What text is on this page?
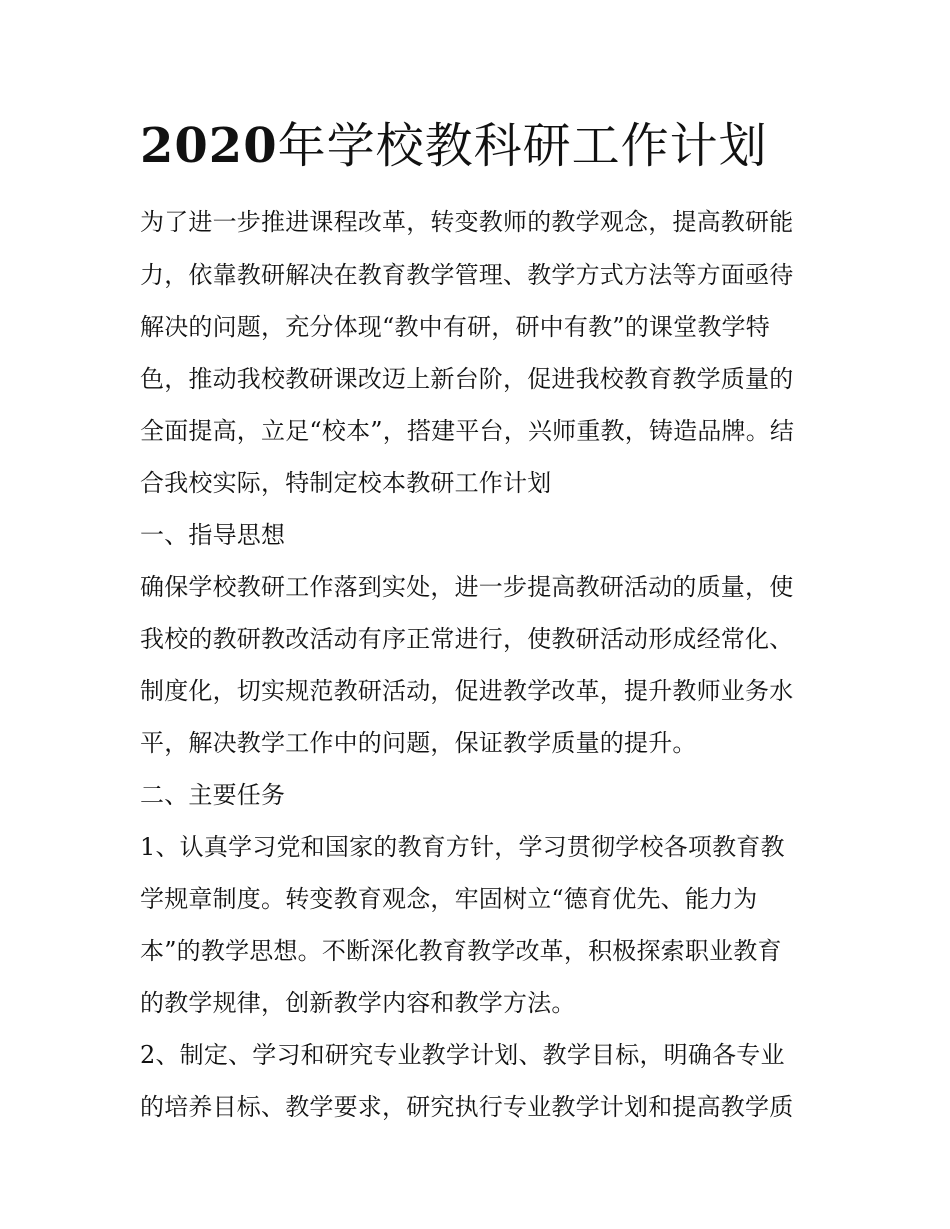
2020年学校教科研工作计划

为了进一步推进课程改革，转变教师的教学观念，提高教研能

力，依靠教研解决在教育教学管理、教学方式方法等方面亟待

解决的问题，充分体现“教中有研，研中有教”的课堂教学特

色，推动我校教研课改迈上新台阶，促进我校教育教学质量的

全面提高，立足“校本”，搭建平台，兴师重教，铸造品牌。结

合我校实际，特制定校本教研工作计划

一、指导思想

确保学校教研工作落到实处，进一步提高教研活动的质量，使

我校的教研教改活动有序正常进行，使教研活动形成经常化、

制度化，切实规范教研活动，促进教学改革，提升教师业务水

平，解决教学工作中的问题，保证教学质量的提升。

二、主要任务

1、认真学习党和国家的教育方针，学习贯彻学校各项教育教

学规章制度。转变教育观念，牢固树立“德育优先、能力为

本”的教学思想。不断深化教育教学改革，积极探索职业教育

的教学规律，创新教学内容和教学方法。

2、制定、学习和研究专业教学计划、教学目标，明确各专业

的培养目标、教学要求，研究执行专业教学计划和提高教学质
